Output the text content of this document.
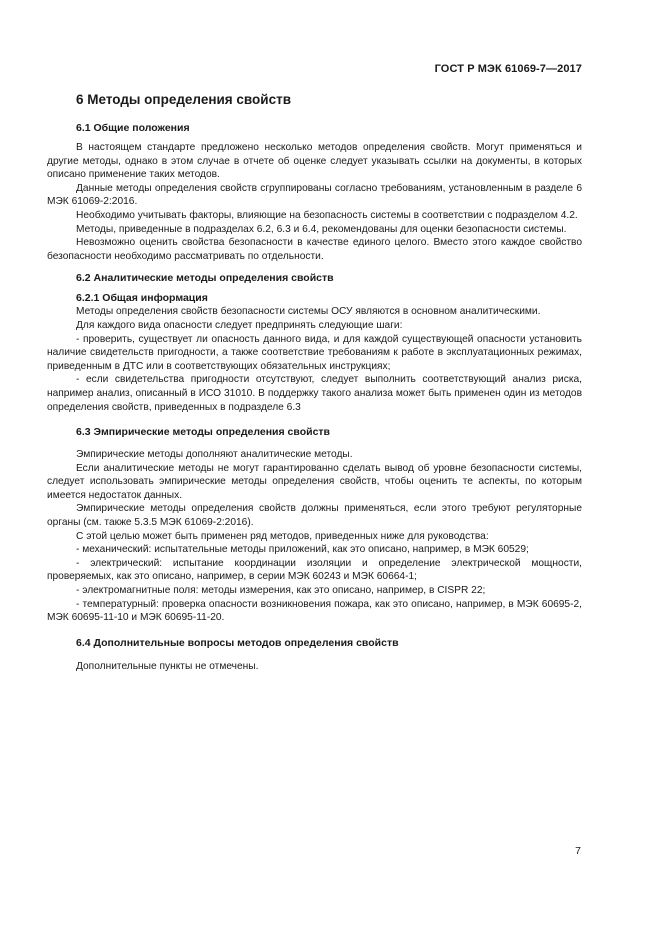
ГОСТ Р МЭК 61069-7—2017
6 Методы определения свойств
6.1 Общие положения

В настоящем стандарте предложено несколько методов определения свойств. Могут применяться и другие методы, однако в этом случае в отчете об оценке следует указывать ссылки на документы, в которых описано применение таких методов.

Данные методы определения свойств сгруппированы согласно требованиям, установленным в разделе 6 МЭК 61069-2:2016.

Необходимо учитывать факторы, влияющие на безопасность системы в соответствии с подразделом 4.2.

Методы, приведенные в подразделах 6.2, 6.3 и 6.4, рекомендованы для оценки безопасности системы.

Невозможно оценить свойства безопасности в качестве единого целого. Вместо этого каждое свойство безопасности необходимо рассматривать по отдельности.

6.2 Аналитические методы определения свойств
6.2.1 Общая информация

Методы определения свойств безопасности системы ОСУ являются в основном аналитическими.

Для каждого вида опасности следует предпринять следующие шаги:

- проверить, существует ли опасность данного вида, и для каждой существующей опасности установить наличие свидетельств пригодности, а также соответствие требованиям к работе в эксплуатационных режимах, приведенным в ДТС или в соответствующих обязательных инструкциях;

- если свидетельства пригодности отсутствуют, следует выполнить соответствующий анализ риска, например анализ, описанный в ИСО 31010. В поддержку такого анализа может быть применен один из методов определения свойств, приведенных в подразделе 6.3

6.3 Эмпирические методы определения свойств

Эмпирические методы дополняют аналитические методы.

Если аналитические методы не могут гарантированно сделать вывод об уровне безопасности системы, следует использовать эмпирические методы определения свойств, чтобы оценить те аспекты, по которым имеется недостаток данных.

Эмпирические методы определения свойств должны применяться, если этого требуют регуляторные органы (см. также 5.3.5 МЭК 61069-2:2016).

С этой целью может быть применен ряд методов, приведенных ниже для руководства:

- механический: испытательные методы приложений, как это описано, например, в МЭК 60529;

- электрический: испытание координации изоляции и определение электрической мощности, проверяемых, как это описано, например, в серии МЭК 60243 и МЭК 60664-1;

- электромагнитные поля: методы измерения, как это описано, например, в CISPR 22;

- температурный: проверка опасности возникновения пожара, как это описано, например, в МЭК 60695-2, МЭК 60695-11-10 и МЭК 60695-11-20.

6.4 Дополнительные вопросы методов определения свойств

Дополнительные пункты не отмечены.

7
